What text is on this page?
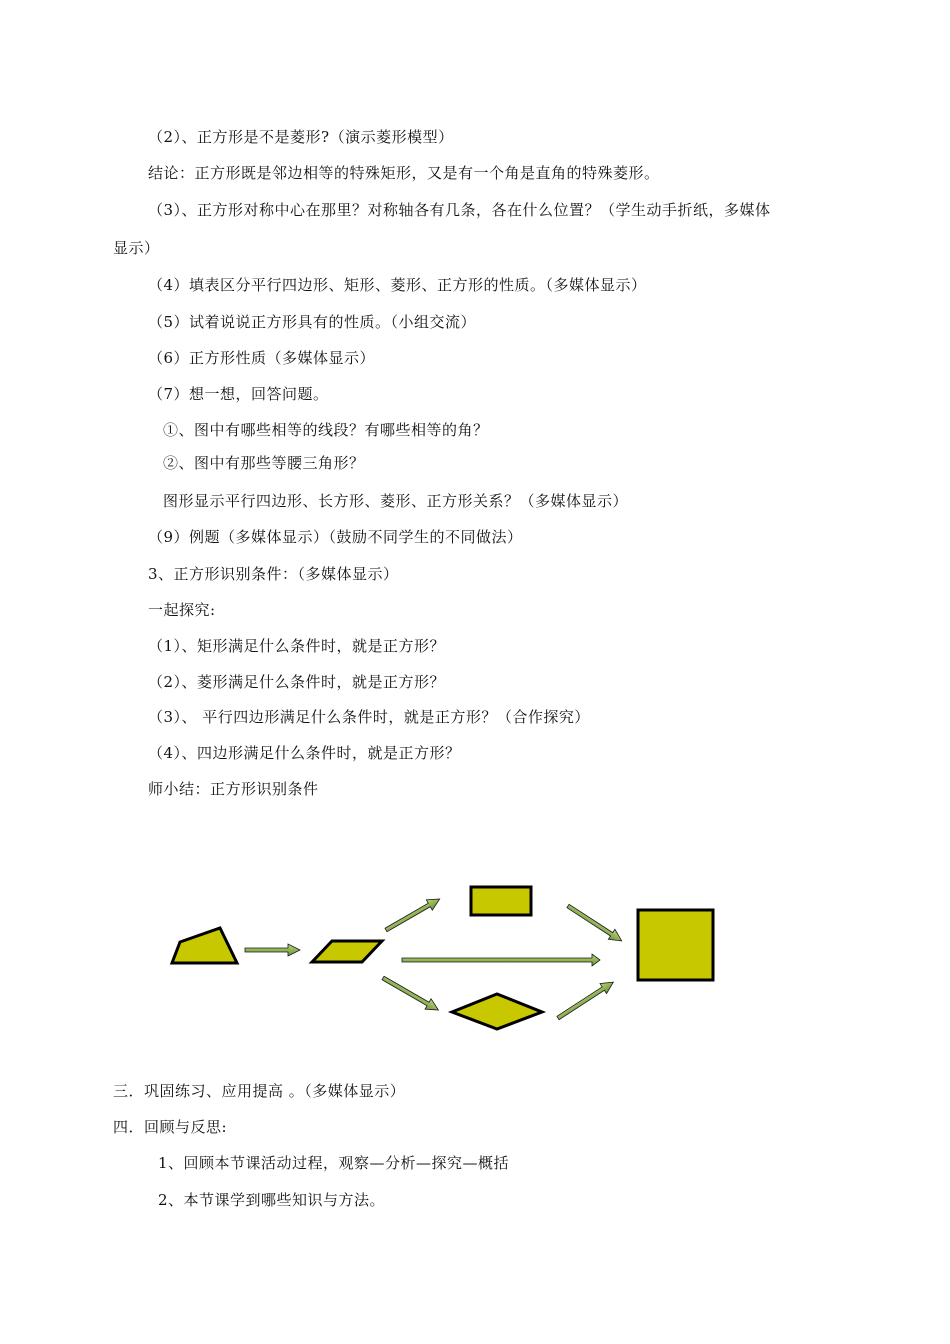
（2）、正方形是不是菱形?（演示菱形模型）
结论：正方形既是邻边相等的特殊矩形，又是有一个角是直角的特殊菱形。
（3）、正方形对称中心在那里？对称轴各有几条，各在什么位置？（学生动手折纸，多媒体
显示）
（4）填表区分平行四边形、矩形、菱形、正方形的性质。（多媒体显示）
（5）试着说说正方形具有的性质。（小组交流）
（6）正方形性质（多媒体显示）
（7）想一想，回答问题。
①、图中有哪些相等的线段？有哪些相等的角？
②、图中有那些等腰三角形？
图形显示平行四边形、长方形、菱形、正方形关系？（多媒体显示）
（9）例题（多媒体显示）（鼓励不同学生的不同做法）
3、正方形识别条件：（多媒体显示）
一起探究:
（1）、矩形满足什么条件时，就是正方形？
（2）、菱形满足什么条件时，就是正方形？
（3）、 平行四边形满足什么条件时，就是正方形？（合作探究）
（4）、四边形满足什么条件时，就是正方形？
师小结：正方形识别条件
三．巩固练习、应用提高 。（多媒体显示）
四．回顾与反思:
1、回顾本节课活动过程，观察—分析—探究—概括
2、本节课学到哪些知识与方法。
